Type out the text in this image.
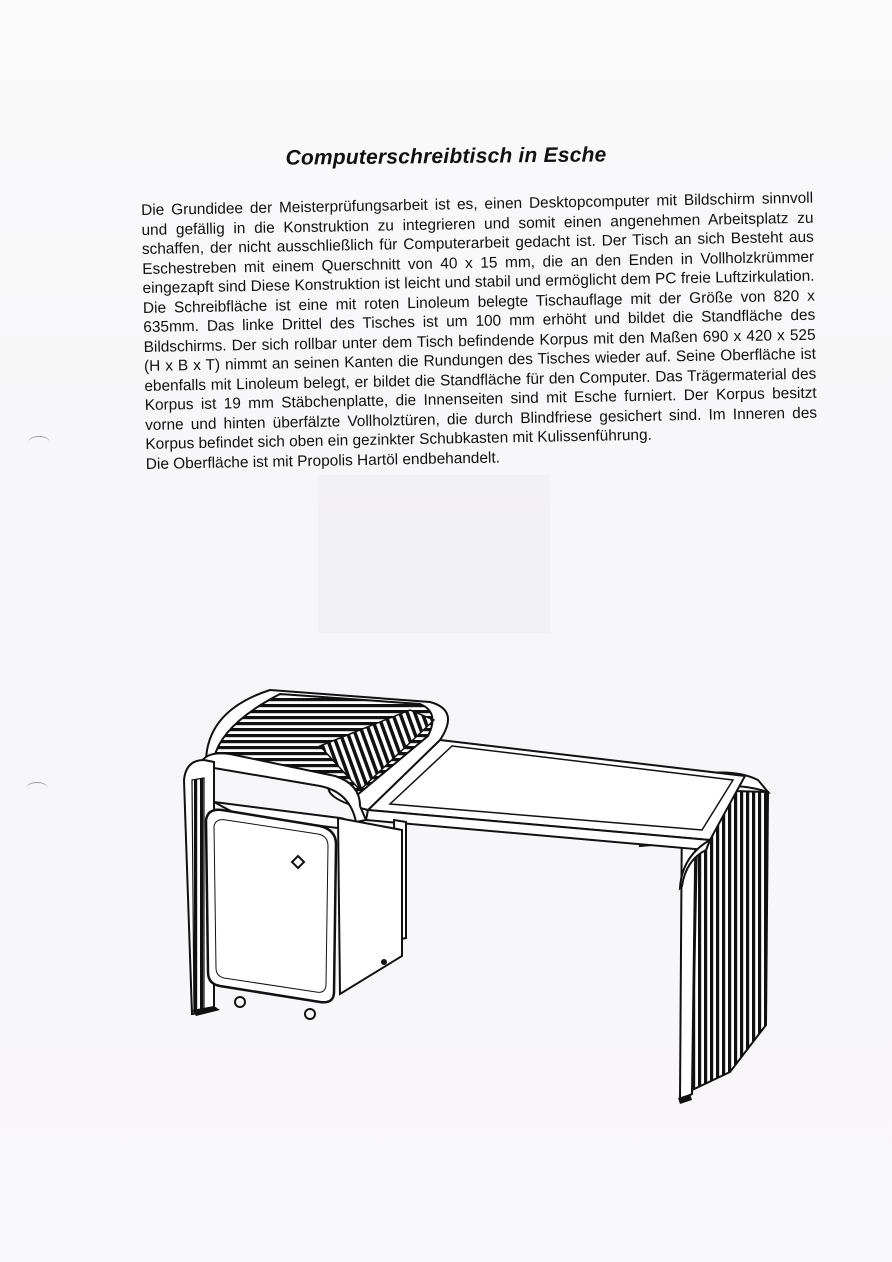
Computerschreibtisch in Esche

Die Grundidee der Meisterprüfungsarbeit ist es, einen Desktopcomputer mit Bildschirm sinnvoll und gefällig in die Konstruktion zu integrieren und somit einen angenehmen Arbeitsplatz zu schaffen, der nicht ausschließlich für Computerarbeit gedacht ist. Der Tisch an sich Besteht aus Eschestreben mit einem Querschnitt von 40 x 15 mm, die an den Enden in Vollholzkrümmer eingezapft sind Diese Konstruktion ist leicht und stabil und ermöglicht dem PC freie Luftzirkulation. Die Schreibfläche ist eine mit roten Linoleum belegte Tischauflage mit der Größe von 820 x 635mm. Das linke Drittel des Tisches ist um 100 mm erhöht und bildet die Standfläche des Bildschirms. Der sich rollbar unter dem Tisch befindende Korpus mit den Maßen 690 x 420 x 525 (H x B x T) nimmt an seinen Kanten die Rundungen des Tisches wieder auf. Seine Oberfläche ist ebenfalls mit Linoleum belegt, er bildet die Standfläche für den Computer. Das Trägermaterial des Korpus ist 19 mm Stäbchenplatte, die Innenseiten sind mit Esche furniert. Der Korpus besitzt vorne und hinten überfälzte Vollholztüren, die durch Blindfriese gesichert sind. Im Inneren des Korpus befindet sich oben ein gezinkter Schubkasten mit Kulissenführung.

Die Oberfläche ist mit Propolis Hartöl endbehandelt.
